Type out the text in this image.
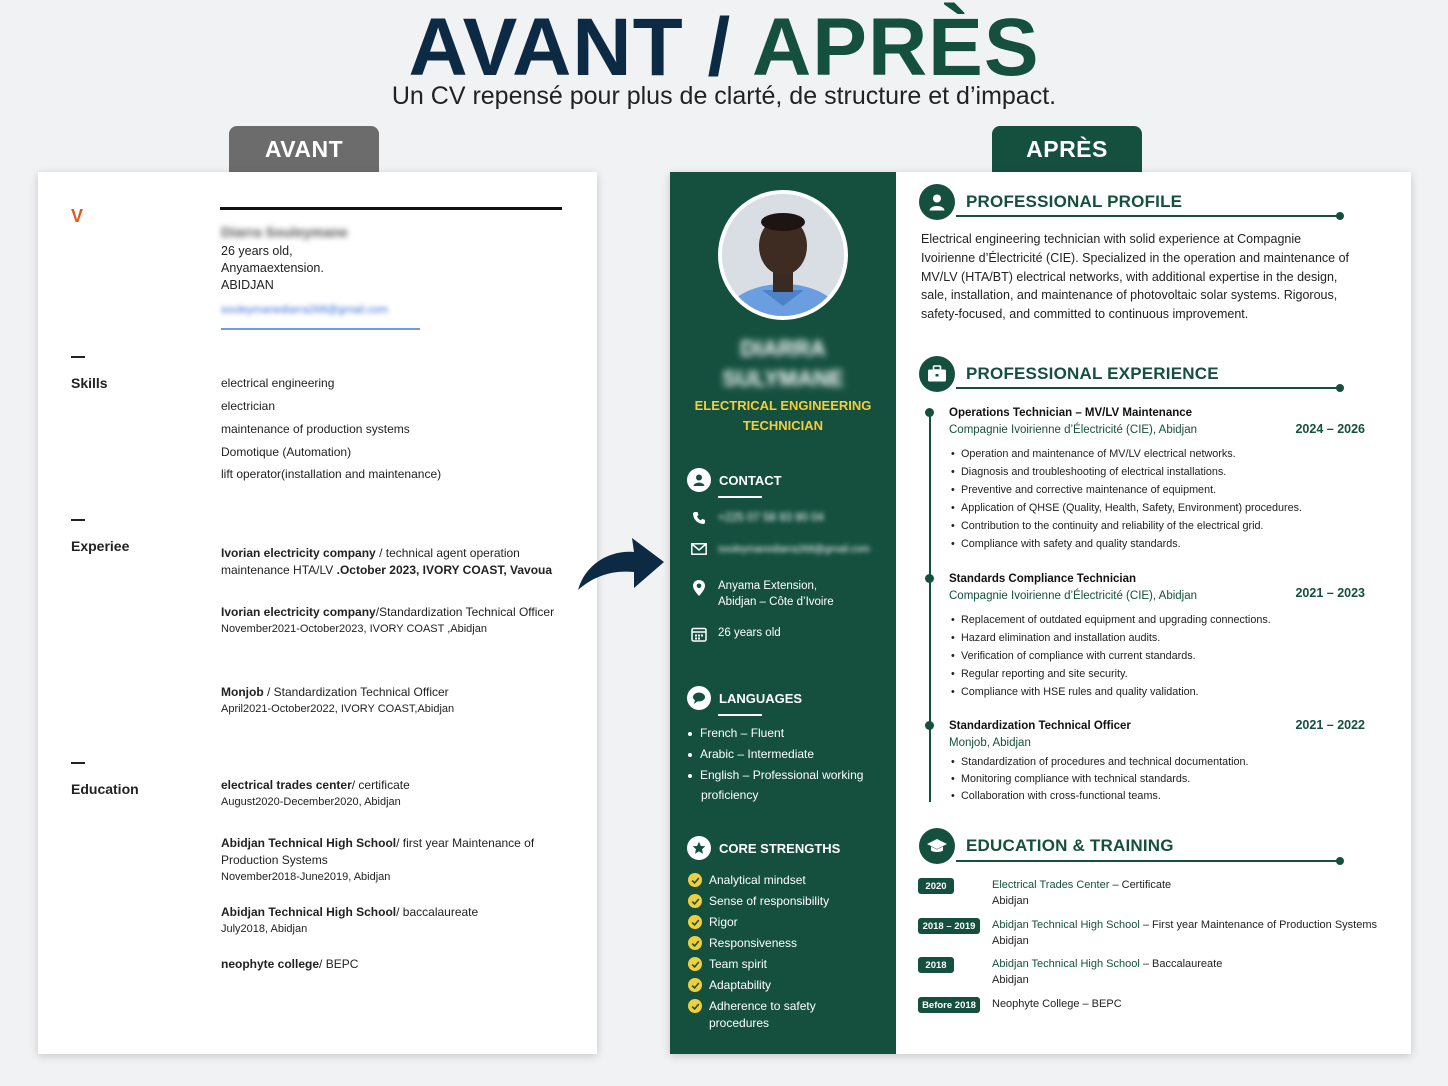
AVANT / APRÈS
Un CV repensé pour plus de clarté, de structure et d’impact.
AVANT	APRÈS
V
Diarra Souleymane
26 years old,
Anyamaextension.
ABIDJAN
souleymanediarra268@gmail.com
Skills	electrical engineering
electrician
maintenance of production systems
Domotique (Automation)
lift operator(installation and maintenance)
Experiee	Ivorian electricity company / technical agent operation
maintenance HTA/LV .October 2023, IVORY COAST, Vavoua
Ivorian electricity company/Standardization Technical Officer
November2021-October2023, IVORY COAST ,Abidjan
Monjob / Standardization Technical Officer
April2021-October2022, IVORY COAST,Abidjan
Education	electrical trades center/ certificate
August2020-December2020, Abidjan
Abidjan Technical High School/ first year Maintenance of
Production Systems
November2018-June2019, Abidjan
Abidjan Technical High School/ baccalaureate
July2018, Abidjan
neophyte college/ BEPC
DIARRA
SULYMANE
ELECTRICAL ENGINEERING
TECHNICIAN
CONTACT
+225 07 58 93 90 04
souleymanediarra268@gmail.com
Anyama Extension,
Abidjan – Côte d’Ivoire
26 years old
LANGUAGES
French – Fluent
Arabic – Intermediate
English – Professional working
proficiency
CORE STRENGTHS
Analytical mindset
Sense of responsibility
Rigor
Responsiveness
Team spirit
Adaptability
Adherence to safety
procedures
PROFESSIONAL PROFILE
Electrical engineering technician with solid experience at Compagnie Ivoirienne d’Électricité (CIE). Specialized in the operation and maintenance of MV/LV (HTA/BT) electrical networks, with additional expertise in the design, sale, installation, and maintenance of photovoltaic solar systems. Rigorous, safety-focused, and committed to continuous improvement.
PROFESSIONAL EXPERIENCE
Operations Technician – MV/LV Maintenance
Compagnie Ivoirienne d’Électricité (CIE), Abidjan	2024 – 2026
• Operation and maintenance of MV/LV electrical networks.
• Diagnosis and troubleshooting of electrical installations.
• Preventive and corrective maintenance of equipment.
• Application of QHSE (Quality, Health, Safety, Environment) procedures.
• Contribution to the continuity and reliability of the electrical grid.
• Compliance with safety and quality standards.
Standards Compliance Technician
Compagnie Ivoirienne d’Électricité (CIE), Abidjan	2021 – 2023
• Replacement of outdated equipment and upgrading connections.
• Hazard elimination and installation audits.
• Verification of compliance with current standards.
• Regular reporting and site security.
• Compliance with HSE rules and quality validation.
Standardization Technical Officer
Monjob, Abidjan
2021 – 2022
• Standardization of procedures and technical documentation.
• Monitoring compliance with technical standards.
• Collaboration with cross-functional teams.
EDUCATION & TRAINING
2020	Electrical Trades Center – Certificate
Abidjan
2018 – 2019	Abidjan Technical High School – First year Maintenance of Production Systems
Abidjan
2018	Abidjan Technical High School – Baccalaureate
Abidjan
Before 2018	Neophyte College – BEPC
